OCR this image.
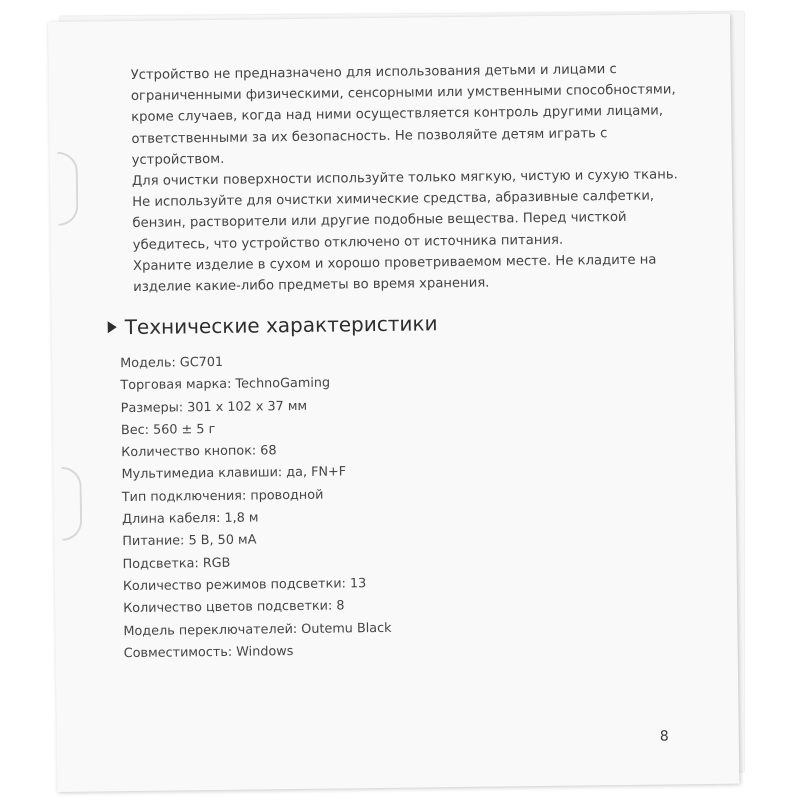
Устройство не предназначено для использования детьми и лицами с ограниченными физическими, сенсорными или умственными способностями, кроме случаев, когда над ними осуществляется контроль другими лицами, ответственными за их безопасность. Не позволяйте детям играть с устройством.

Для очистки поверхности используйте только мягкую, чистую и сухую ткань. Не используйте для очистки химические средства, абразивные салфетки, бензин, растворители или другие подобные вещества. Перед чисткой убедитесь, что устройство отключено от источника питания.

Храните изделие в сухом и хорошо проветриваемом месте. Не кладите на изделие какие-либо предметы во время хранения.

Технические характеристики
Модель: GC701
Торговая марка: TechnoGaming
Размеры: 301 x 102 x 37 мм
Вес: 560 ± 5 г
Количество кнопок: 68
Мультимедиа клавиши: да, FN+F
Тип подключения: проводной
Длина кабеля: 1,8 м
Питание: 5 В, 50 мА
Подсветка: RGB
Количество режимов подсветки: 13
Количество цветов подсветки: 8
Модель переключателей: Outemu Black
Совместимость: Windows
8
